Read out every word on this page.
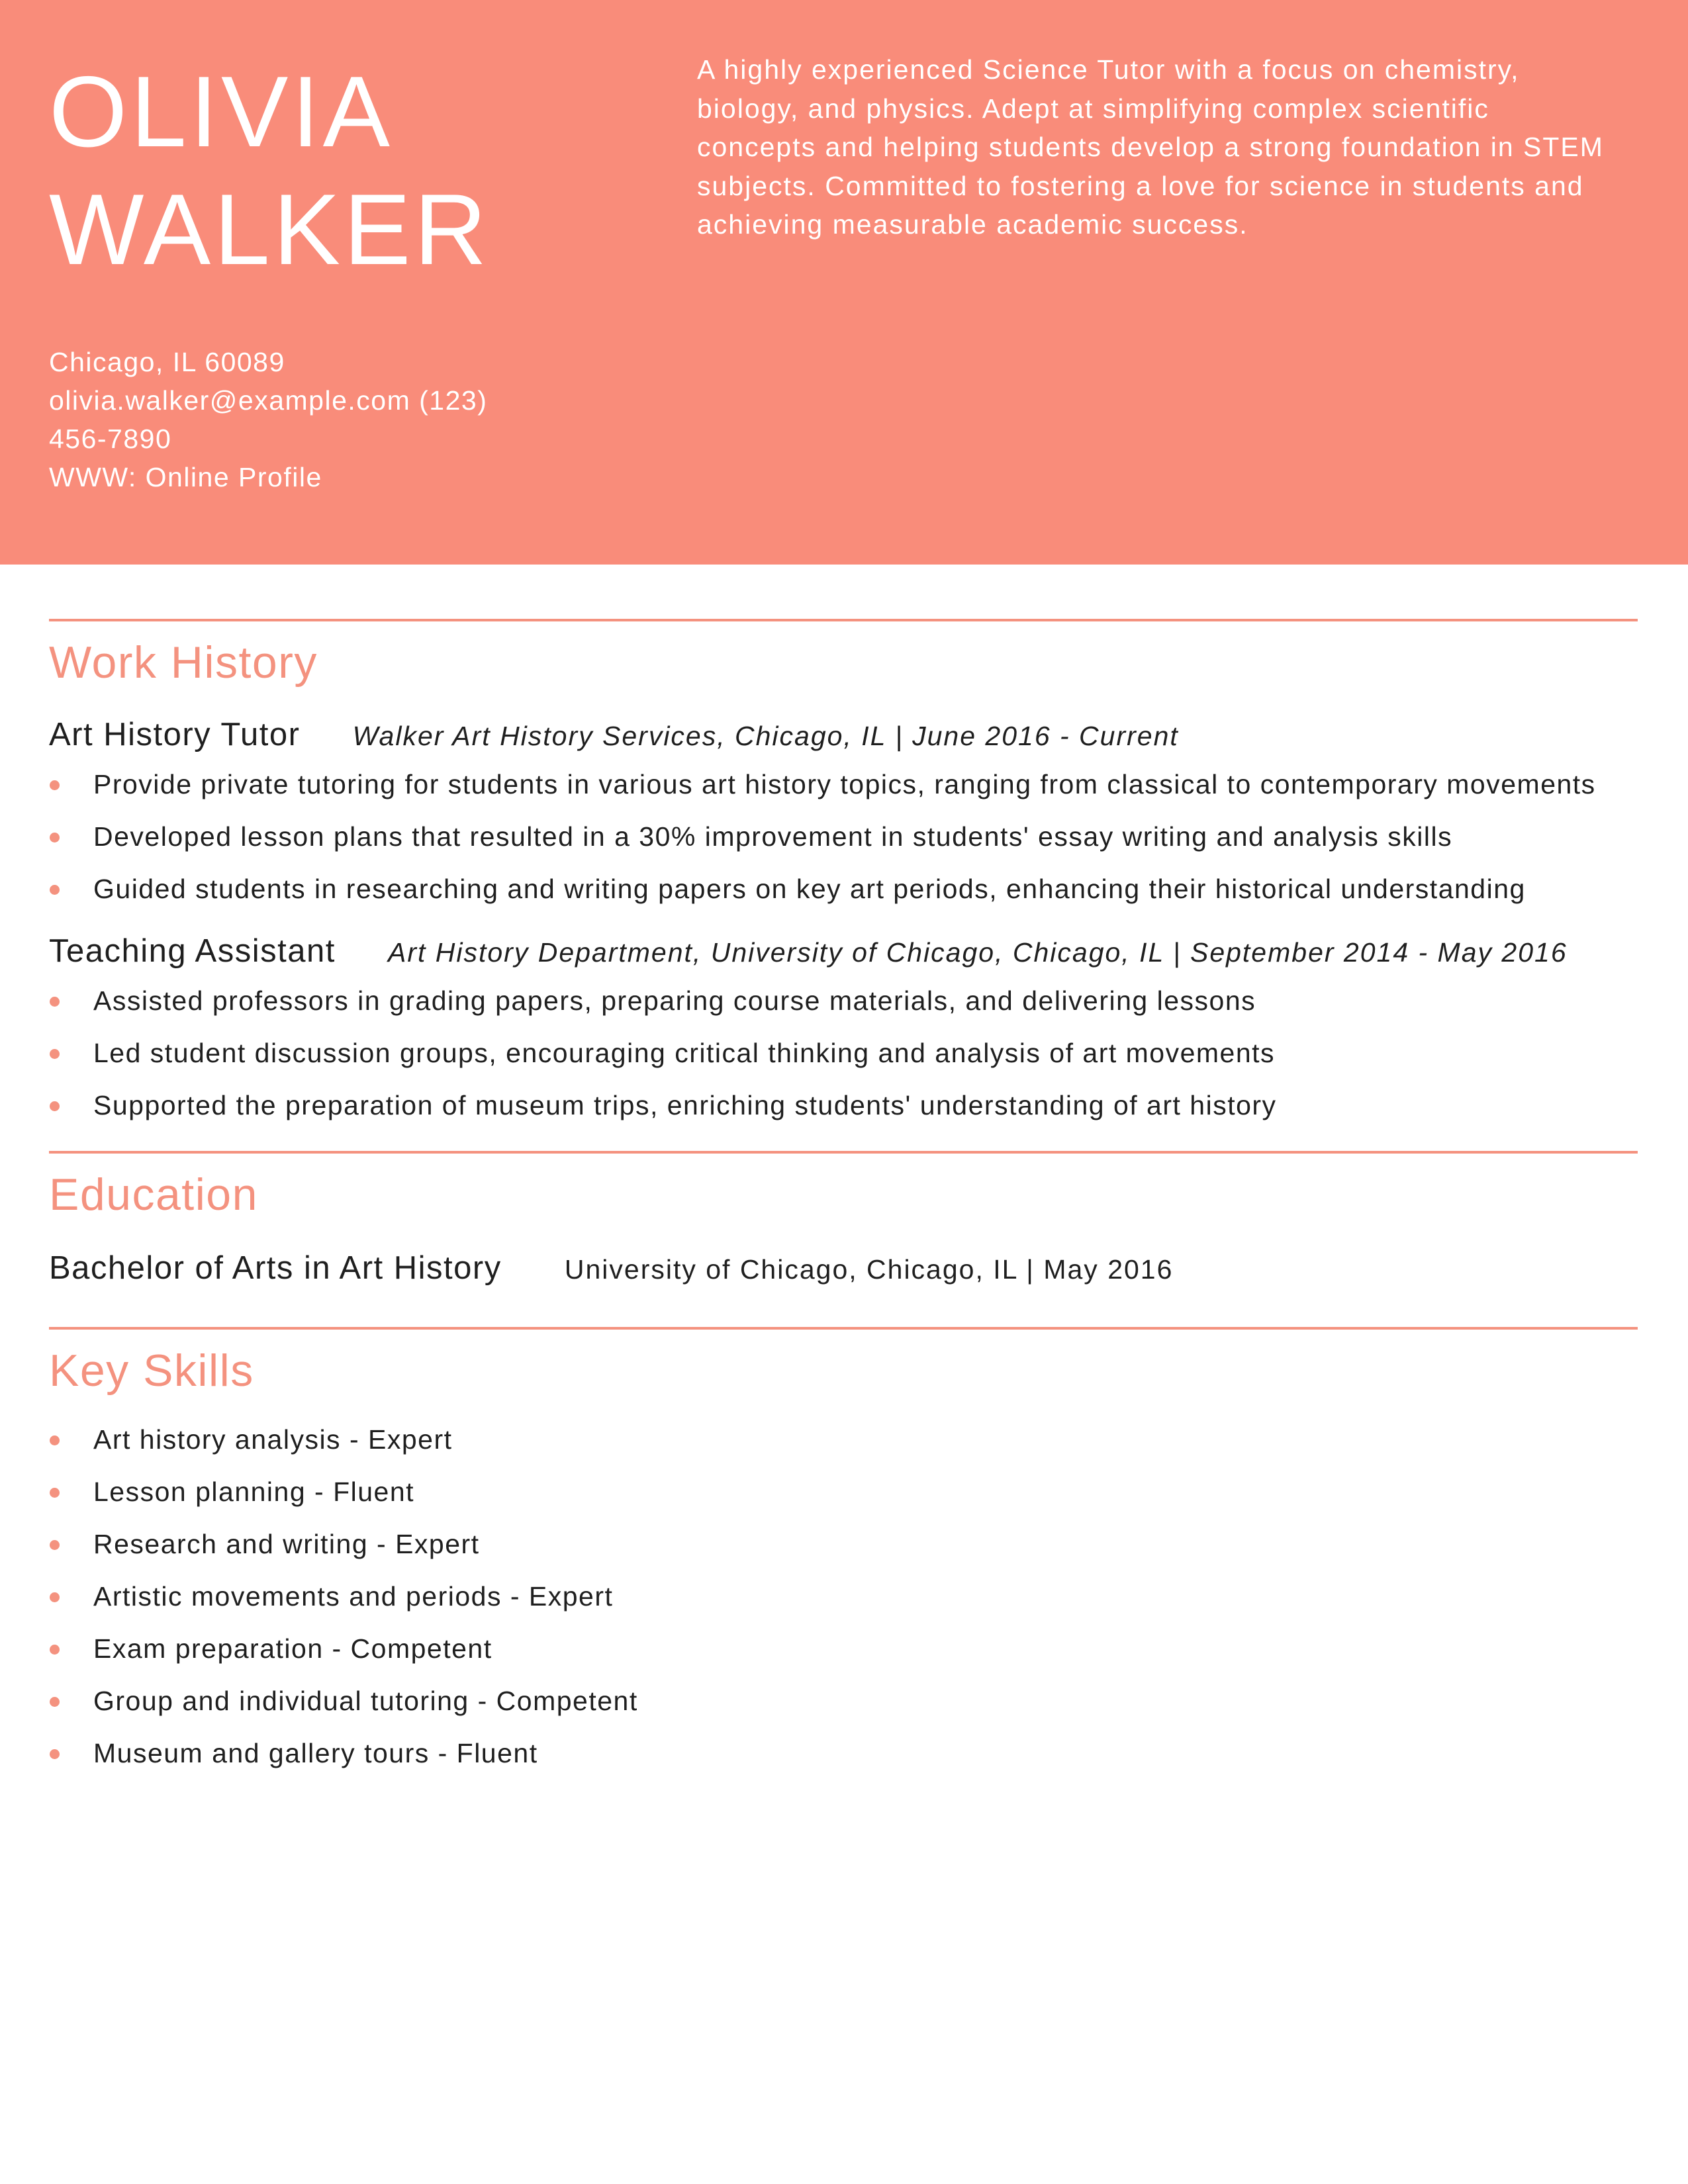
OLIVIA
WALKER
Chicago, IL 60089
olivia.walker@example.com (123)
456-7890
WWW: Online Profile
A highly experienced Science Tutor with a focus on chemistry, biology, and physics. Adept at simplifying complex scientific concepts and helping students develop a strong foundation in STEM subjects. Committed to fostering a love for science in students and achieving measurable academic success.
Work History
Art History Tutor Walker Art History Services, Chicago, IL | June 2016 - Current
Provide private tutoring for students in various art history topics, ranging from classical to contemporary movements
Developed lesson plans that resulted in a 30% improvement in students' essay writing and analysis skills
Guided students in researching and writing papers on key art periods, enhancing their historical understanding
Teaching Assistant Art History Department, University of Chicago, Chicago, IL | September 2014 - May 2016
Assisted professors in grading papers, preparing course materials, and delivering lessons
Led student discussion groups, encouraging critical thinking and analysis of art movements
Supported the preparation of museum trips, enriching students' understanding of art history
Education
Bachelor of Arts in Art History University of Chicago, Chicago, IL | May 2016
Key Skills
Art history analysis - Expert
Lesson planning - Fluent
Research and writing - Expert
Artistic movements and periods - Expert
Exam preparation - Competent
Group and individual tutoring - Competent
Museum and gallery tours - Fluent
